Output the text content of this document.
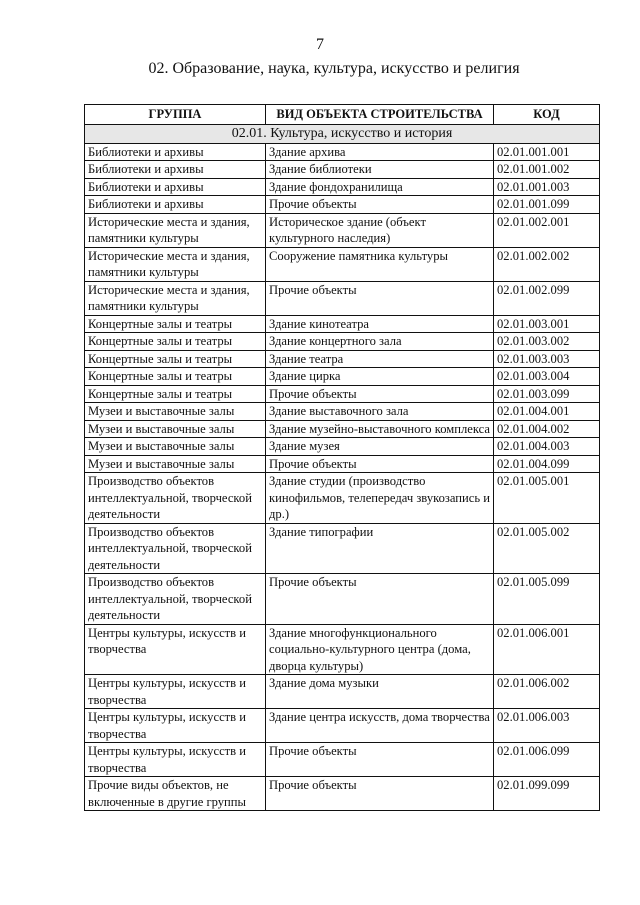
7
02. Образование, наука, культура, искусство и религия
ГРУППА	ВИД ОБЪЕКТА СТРОИТЕЛЬСТВА	КОД
02.01. Культура, искусство и история		
Библиотеки и архивы	Здание архива	02.01.001.001
Библиотеки и архивы	Здание библиотеки	02.01.001.002
Библиотеки и архивы	Здание фондохранилища	02.01.001.003
Библиотеки и архивы	Прочие объекты	02.01.001.099
Исторические места и здания, памятники культуры	Историческое здание (объект культурного наследия)	02.01.002.001
Исторические места и здания, памятники культуры	Сооружение памятника культуры	02.01.002.002
Исторические места и здания, памятники культуры	Прочие объекты	02.01.002.099
Концертные залы и театры	Здание кинотеатра	02.01.003.001
Концертные залы и театры	Здание концертного зала	02.01.003.002
Концертные залы и театры	Здание театра	02.01.003.003
Концертные залы и театры	Здание цирка	02.01.003.004
Концертные залы и театры	Прочие объекты	02.01.003.099
Музеи и выставочные залы	Здание выставочного зала	02.01.004.001
Музеи и выставочные залы	Здание музейно-выставочного комплекса	02.01.004.002
Музеи и выставочные залы	Здание музея	02.01.004.003
Музеи и выставочные залы	Прочие объекты	02.01.004.099
Производство объектов интеллектуальной, творческой деятельности	Здание студии (производство кинофильмов, телепередач звукозапись и др.)	02.01.005.001
Производство объектов интеллектуальной, творческой деятельности	Здание типографии	02.01.005.002
Производство объектов интеллектуальной, творческой деятельности	Прочие объекты	02.01.005.099
Центры культуры, искусств и творчества	Здание многофункционального социально-культурного центра (дома, дворца культуры)	02.01.006.001
Центры культуры, искусств и творчества	Здание дома музыки	02.01.006.002
Центры культуры, искусств и творчества	Здание центра искусств, дома творчества	02.01.006.003
Центры культуры, искусств и творчества	Прочие объекты	02.01.006.099
Прочие виды объектов, не включенные в другие группы	Прочие объекты	02.01.099.099
